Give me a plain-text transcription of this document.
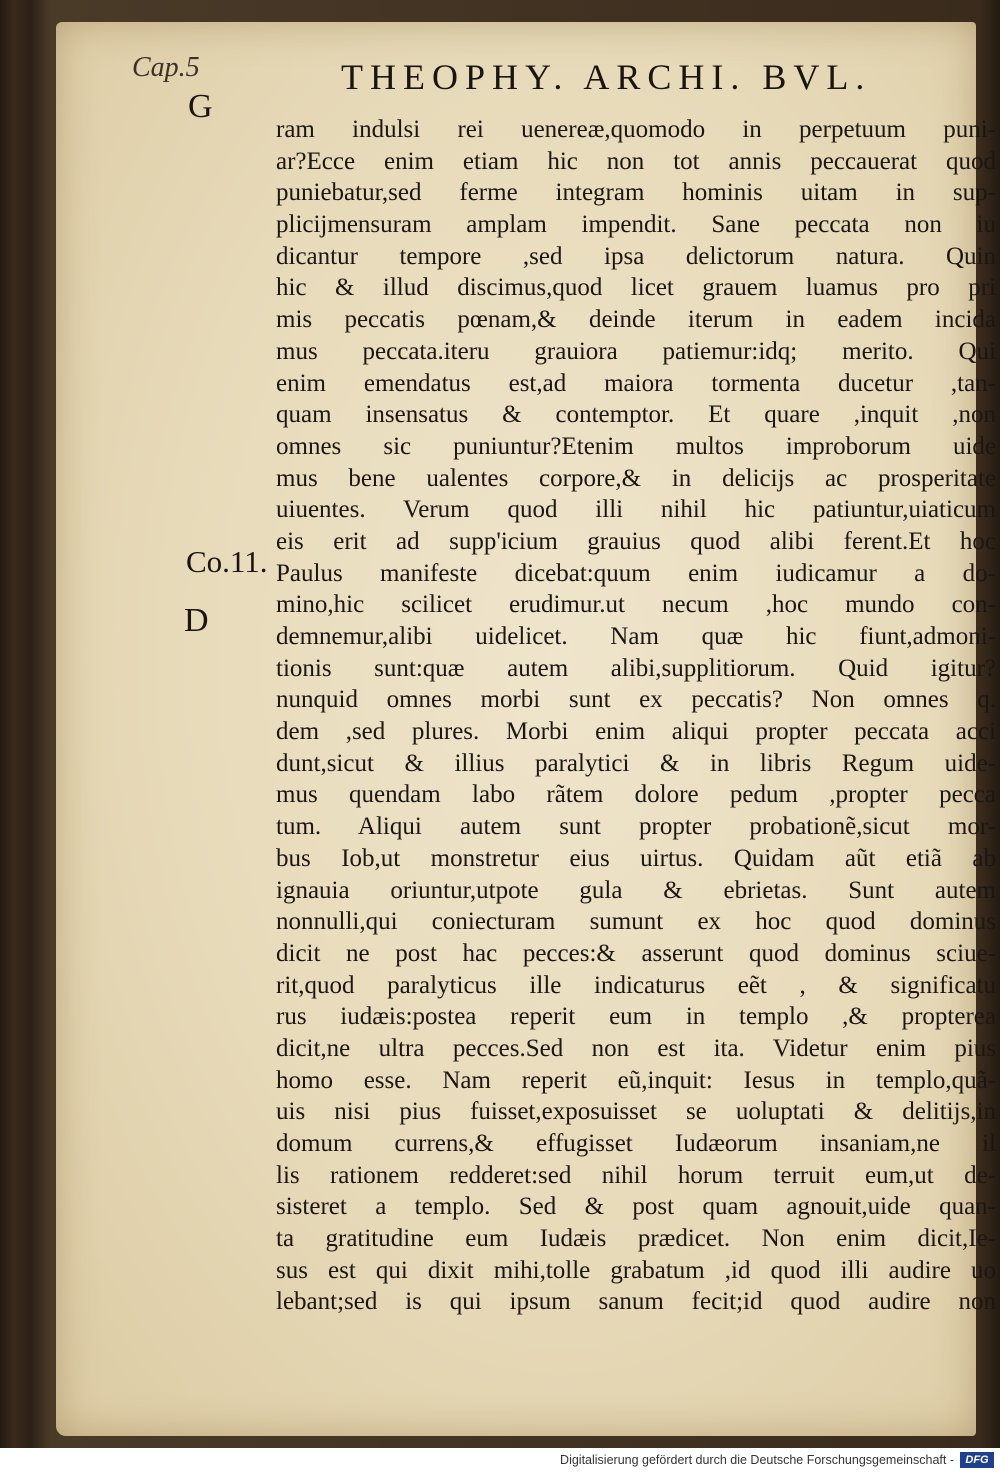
Cap.5	THEOPHY. ARCHI. BVL.
G
D
Co.11.
ram indulsi rei uenereæ,quomodo in perpetuum puni-
ar?Ecce enim etiam hic non tot annis peccauerat quod
puniebatur,sed ferme integram hominis uitam in sup-
plicijmensuram amplam impendit. Sane peccata non iu
dicantur tempore ,sed ipsa delictorum natura. Quin
hic & illud discimus,quod licet grauem luamus pro pri
mis peccatis pœnam,& deinde iterum in eadem incida
mus peccata.iteru grauiora patiemur:idq; merito. Qui
enim emendatus est,ad maiora tormenta ducetur ,tan-
quam insensatus & contemptor. Et quare ,inquit ,non
omnes sic puniuntur?Etenim multos improborum uide
mus bene ualentes corpore,& in delicijs ac prosperitate
uiuentes. Verum quod illi nihil hic patiuntur,uiaticum
eis erit ad supp'icium grauius quod alibi ferent.Et hoc
Paulus manifeste dicebat:quum enim iudicamur a do-
mino,hic scilicet erudimur.ut necum ,hoc mundo con-
demnemur,alibi uidelicet. Nam quæ hic fiunt,admoni-
tionis sunt:quæ autem alibi,supplitiorum. Quid igitur?
nunquid omnes morbi sunt ex peccatis? Non omnes q.
dem ,sed plures. Morbi enim aliqui propter peccata acci
dunt,sicut & illius paralytici & in libris Regum uide-
mus quendam labo rãtem dolore pedum ,propter pecca
tum. Aliqui autem sunt propter probationẽ,sicut mor-
bus Iob,ut monstretur eius uirtus. Quidam aũt etiã ab
ignauia oriuntur,utpote gula & ebrietas. Sunt autem
nonnulli,qui coniecturam sumunt ex hoc quod dominus
dicit ne post hac pecces:& asserunt quod dominus sciue-
rit,quod paralyticus ille indicaturus eẽt , & significatu
rus iudæis:postea reperit eum in templo ,& propterea
dicit,ne ultra pecces.Sed non est ita. Videtur enim pius
homo esse. Nam reperit eũ,inquit: Iesus in templo,quã-
uis nisi pius fuisset,exposuisset se uoluptati & delitijs,in
domum currens,& effugisset Iudæorum insaniam,ne il
lis rationem redderet:sed nihil horum terruit eum,ut de-
sisteret a templo. Sed & post quam agnouit,uide quan-
ta gratitudine eum Iudæis prædicet. Non enim dicit,Ie-
sus est qui dixit mihi,tolle grabatum ,id quod illi audire uo
lebant;sed is qui ipsum sanum fecit;id quod audire non
Digitalisierung gefördert durch die Deutsche Forschungsgemeinschaft -	DFG
